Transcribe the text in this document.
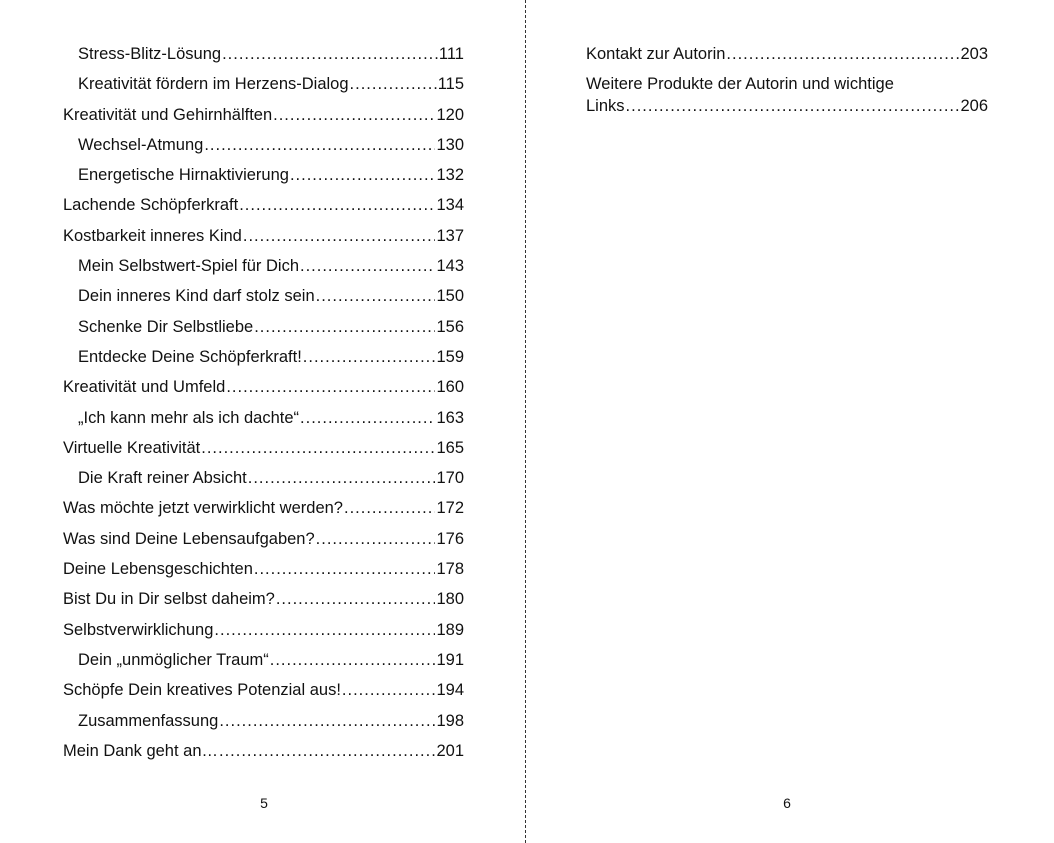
Stress-Blitz-Lösung .....	111
Kreativität fördern im Herzens-Dialog .....	115
Kreativität und Gehirnhälften .....	120
Wechsel-Atmung .....	130
Energetische Hirnaktivierung .....	132
Lachende Schöpferkraft .....	134
Kostbarkeit inneres Kind .....	137
Mein Selbstwert-Spiel für Dich .....	143
Dein inneres Kind darf stolz sein .....	150
Schenke Dir Selbstliebe .....	156
Entdecke Deine Schöpferkraft! .....	159
Kreativität und Umfeld .....	160
„Ich kann mehr als ich dachte“ .....	163
Virtuelle Kreativität .....	165
Die Kraft reiner Absicht .....	170
Was möchte jetzt verwirklicht werden? .....	172
Was sind Deine Lebensaufgaben? .....	176
Deine Lebensgeschichten .....	178
Bist Du in Dir selbst daheim? .....	180
Selbstverwirklichung .....	189
Dein „unmöglicher Traum“ .....	191
Schöpfe Dein kreatives Potenzial aus! .....	194
Zusammenfassung .....	198
Mein Dank geht an… .....	201
5
Kontakt zur Autorin .....	203
Weitere Produkte der Autorin und wichtige
Links .....	206
6
